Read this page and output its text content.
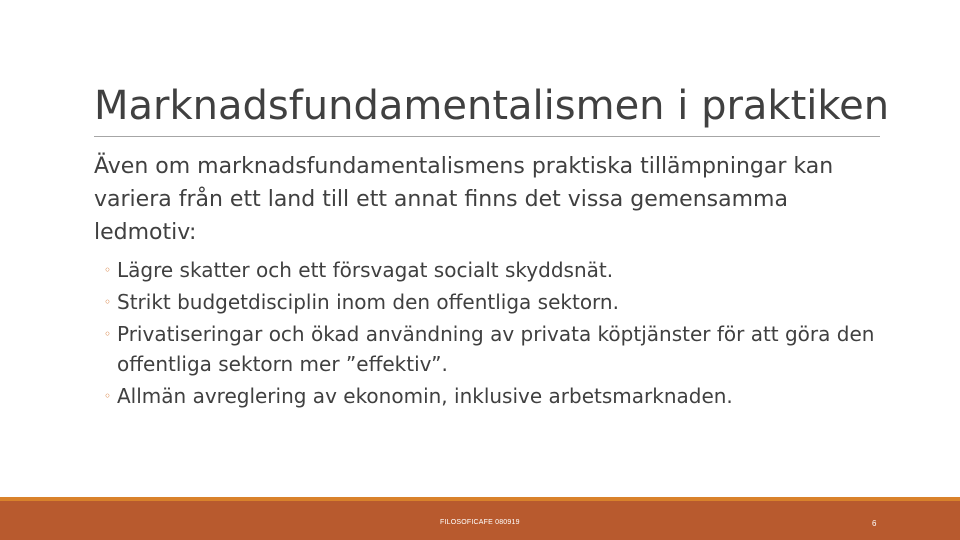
Marknadsfundamentalismen i praktiken

Även om marknadsfundamentalismens praktiska tillämpningar kan variera från ett land till ett annat finns det vissa gemensamma ledmotiv:

◦ Lägre skatter och ett försvagat socialt skyddsnät.
◦ Strikt budgetdisciplin inom den offentliga sektorn.
◦ Privatiseringar och ökad användning av privata köptjänster för att göra den offentliga sektorn mer ”effektiv”.
◦ Allmän avreglering av ekonomin, inklusive arbetsmarknaden.
FILOSOFICAFE 080919	6
